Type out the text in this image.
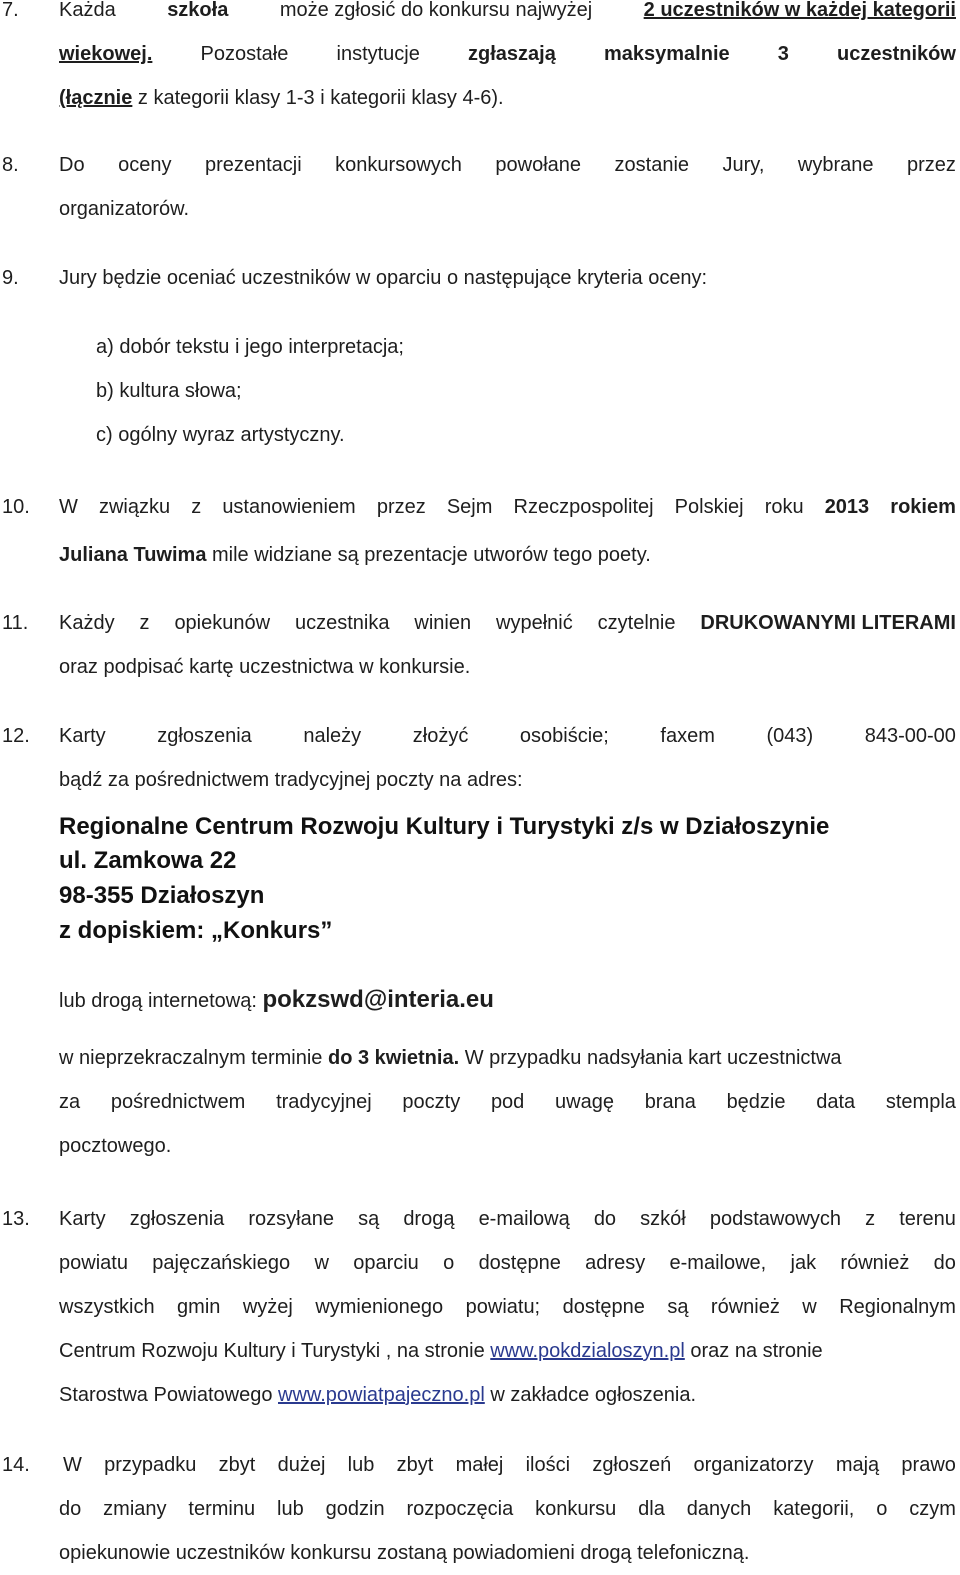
7. Każda	szkoła	może zgłosić do konkursu najwyżej	2 uczestników w każdej kategorii
wiekowej. Pozostałe instytucje zgłaszają maksymalnie 3 uczestników
(łącznie z kategorii klasy 1-3 i kategorii klasy 4-6).
8. Do oceny prezentacji konkursowych powołane zostanie Jury, wybrane przez
organizatorów.
9. Jury będzie oceniać uczestników w oparciu o następujące kryteria oceny:
a) dobór tekstu i jego interpretacja;
b) kultura słowa;
c) ogólny wyraz artystyczny.
10. W związku z ustanowieniem przez Sejm Rzeczpospolitej Polskiej roku 2013 rokiem
Juliana Tuwima mile widziane są prezentacje utworów tego poety.
11. Każdy z opiekunów uczestnika winien wypełnić czytelnie DRUKOWANYMI LITERAMI
oraz podpisać kartę uczestnictwa w konkursie.
12. Karty	zgłoszenia	należy	złożyć	osobiście;	faxem	(043)	843-00-00
bądź za pośrednictwem tradycyjnej poczty na adres:
Regionalne Centrum Rozwoju Kultury i Turystyki z/s w Działoszynie
ul. Zamkowa 22
98-355 Działoszyn
z dopiskiem: „Konkurs”
lub drogą internetową: pokzswd@interia.eu
w nieprzekraczalnym terminie do 3 kwietnia. W przypadku nadsyłania kart uczestnictwa
za pośrednictwem tradycyjnej poczty pod uwagę brana będzie data stempla
pocztowego.
13. Karty zgłoszenia rozsyłane są drogą e-mailową do szkół podstawowych z terenu
powiatu pajęczańskiego w oparciu o dostępne adresy e-mailowe, jak również do
wszystkich gmin wyżej wymienionego powiatu; dostępne są również w Regionalnym
Centrum Rozwoju Kultury i Turystyki , na stronie www.pokdzialoszyn.pl oraz na stronie
Starostwa Powiatowego www.powiatpajeczno.pl w zakładce ogłoszenia.
14. W przypadku zbyt dużej lub zbyt małej ilości zgłoszeń organizatorzy mają prawo
do zmiany terminu lub godzin rozpoczęcia konkursu dla danych kategorii, o czym
opiekunowie uczestników konkursu zostaną powiadomieni drogą telefoniczną.
